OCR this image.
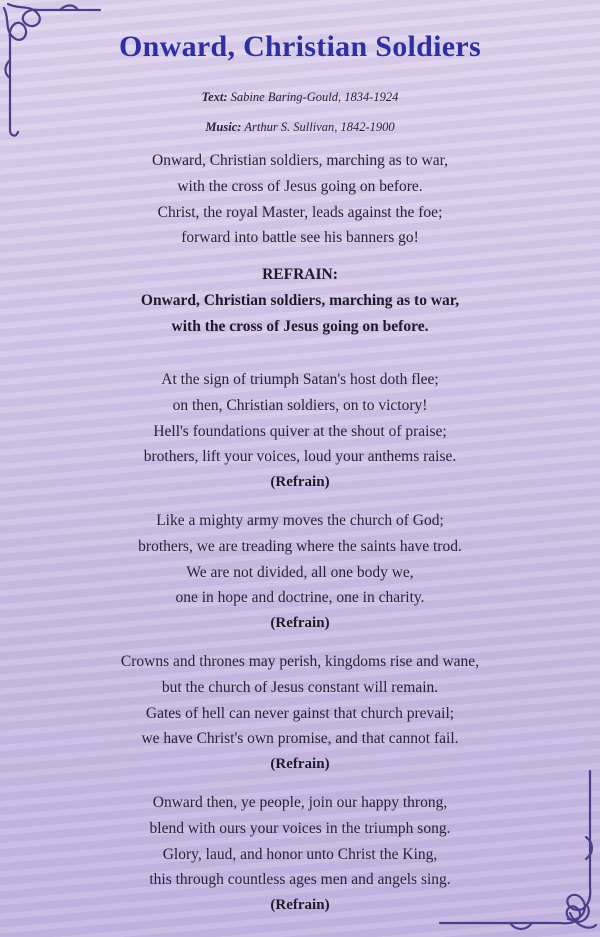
Onward, Christian Soldiers
Text: Sabine Baring-Gould, 1834-1924
Music: Arthur S. Sullivan, 1842-1900
Onward, Christian soldiers, marching as to war,
with the cross of Jesus going on before.
Christ, the royal Master, leads against the foe;
forward into battle see his banners go!
REFRAIN:
Onward, Christian soldiers, marching as to war,
with the cross of Jesus going on before.
At the sign of triumph Satan's host doth flee;
on then, Christian soldiers, on to victory!
Hell's foundations quiver at the shout of praise;
brothers, lift your voices, loud your anthems raise.
(Refrain)
Like a mighty army moves the church of God;
brothers, we are treading where the saints have trod.
We are not divided, all one body we,
one in hope and doctrine, one in charity.
(Refrain)
Crowns and thrones may perish, kingdoms rise and wane,
but the church of Jesus constant will remain.
Gates of hell can never gainst that church prevail;
we have Christ's own promise, and that cannot fail.
(Refrain)
Onward then, ye people, join our happy throng,
blend with ours your voices in the triumph song.
Glory, laud, and honor unto Christ the King,
this through countless ages men and angels sing.
(Refrain)
